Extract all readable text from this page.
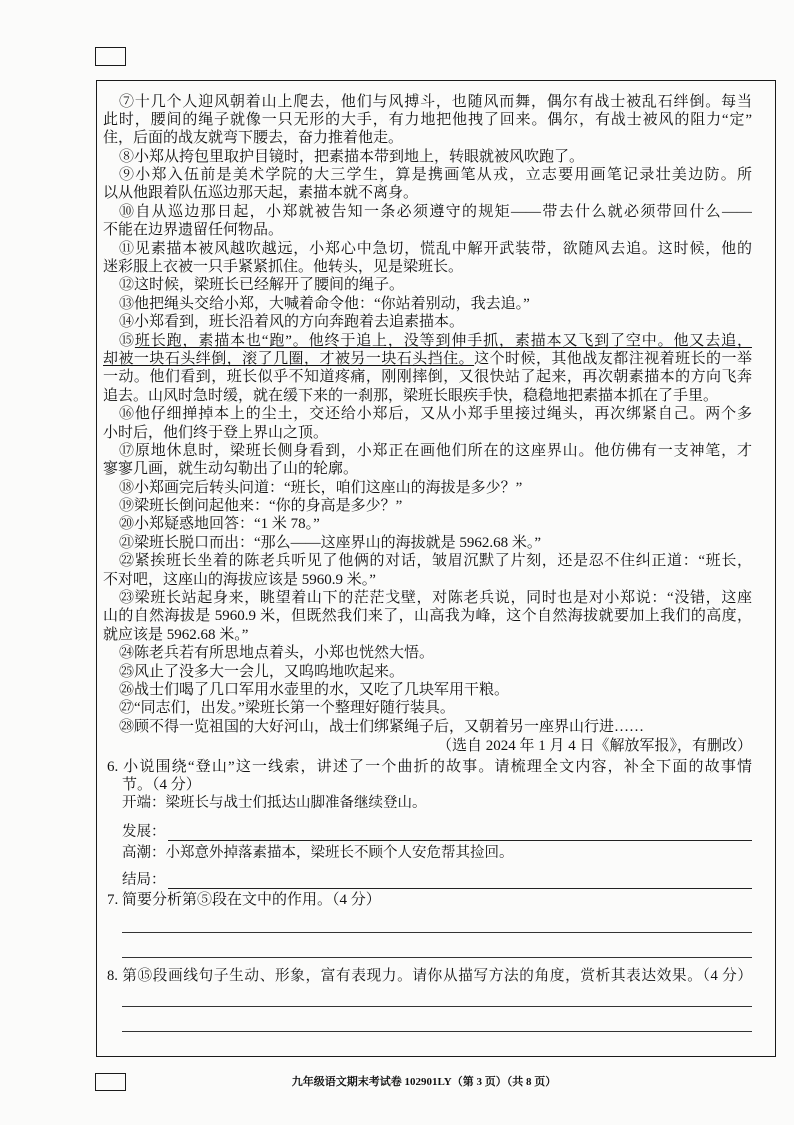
⑦十几个人迎风朝着山上爬去，他们与风搏斗，也随风而舞，偶尔有战士被乱石绊倒。每当
此时，腰间的绳子就像一只无形的大手，有力地把他拽了回来。偶尔，有战士被风的阻力“定”
住，后面的战友就弯下腰去，奋力推着他走。
⑧小郑从挎包里取护目镜时，把素描本带到地上，转眼就被风吹跑了。
⑨小郑入伍前是美术学院的大三学生，算是携画笔从戎，立志要用画笔记录壮美边防。所
以从他跟着队伍巡边那天起，素描本就不离身。
⑩自从巡边那日起，小郑就被告知一条必须遵守的规矩——带去什么就必须带回什么——
不能在边界遗留任何物品。
⑪见素描本被风越吹越远，小郑心中急切，慌乱中解开武装带，欲随风去追。这时候，他的
迷彩服上衣被一只手紧紧抓住。他转头，见是梁班长。
⑫这时候，梁班长已经解开了腰间的绳子。
⑬他把绳头交给小郑，大喊着命令他：“你站着别动，我去追。”
⑭小郑看到，班长沿着风的方向奔跑着去追素描本。
⑮班长跑，素描本也“跑”。他终于追上，没等到伸手抓，素描本又飞到了空中。他又去追，
却被一块石头绊倒，滚了几圈，才被另一块石头挡住。这个时候，其他战友都注视着班长的一举
一动。他们看到，班长似乎不知道疼痛，刚刚摔倒，又很快站了起来，再次朝素描本的方向飞奔
追去。山风时急时缓，就在缓下来的一刹那，梁班长眼疾手快，稳稳地把素描本抓在了手里。
⑯他仔细掸掉本上的尘土，交还给小郑后，又从小郑手里接过绳头，再次绑紧自己。两个多
小时后，他们终于登上界山之顶。
⑰原地休息时，梁班长侧身看到，小郑正在画他们所在的这座界山。他仿佛有一支神笔，才
寥寥几画，就生动勾勒出了山的轮廓。
⑱小郑画完后转头问道：“班长，咱们这座山的海拔是多少？”
⑲梁班长倒问起他来：“你的身高是多少？”
⑳小郑疑惑地回答：“1 米 78。”
㉑梁班长脱口而出：“那么——这座界山的海拔就是 5962.68 米。”
㉒紧挨班长坐着的陈老兵听见了他俩的对话，皱眉沉默了片刻，还是忍不住纠正道：“班长，
不对吧，这座山的海拔应该是 5960.9 米。”
㉓梁班长站起身来，眺望着山下的茫茫戈壁，对陈老兵说，同时也是对小郑说：“没错，这座
山的自然海拔是 5960.9 米，但既然我们来了，山高我为峰，这个自然海拔就要加上我们的高度，
就应该是 5962.68 米。”
㉔陈老兵若有所思地点着头，小郑也恍然大悟。
㉕风止了没多大一会儿，又呜呜地吹起来。
㉖战士们喝了几口军用水壶里的水，又吃了几块军用干粮。
㉗“同志们，出发。”梁班长第一个整理好随行装具。
㉘顾不得一览祖国的大好河山，战士们绑紧绳子后，又朝着另一座界山行进……
（选自 2024 年 1 月 4 日《解放军报》，有删改）
6. 小说围绕“登山”这一线索，讲述了一个曲折的故事。请梳理全文内容，补全下面的故事情
节。（4 分）
开端： 梁班长与战士们抵达山脚准备继续登山。
发展：
高潮： 小郑意外掉落素描本，梁班长不顾个人安危帮其捡回。
结局：
7. 简要分析第⑤段在文中的作用。（4 分）
8. 第⑮段画线句子生动、形象，富有表现力。请你从描写方法的角度，赏析其表达效果。（4 分）
九年级语文期末考试卷 102901LY（第 3 页）（共 8 页）
